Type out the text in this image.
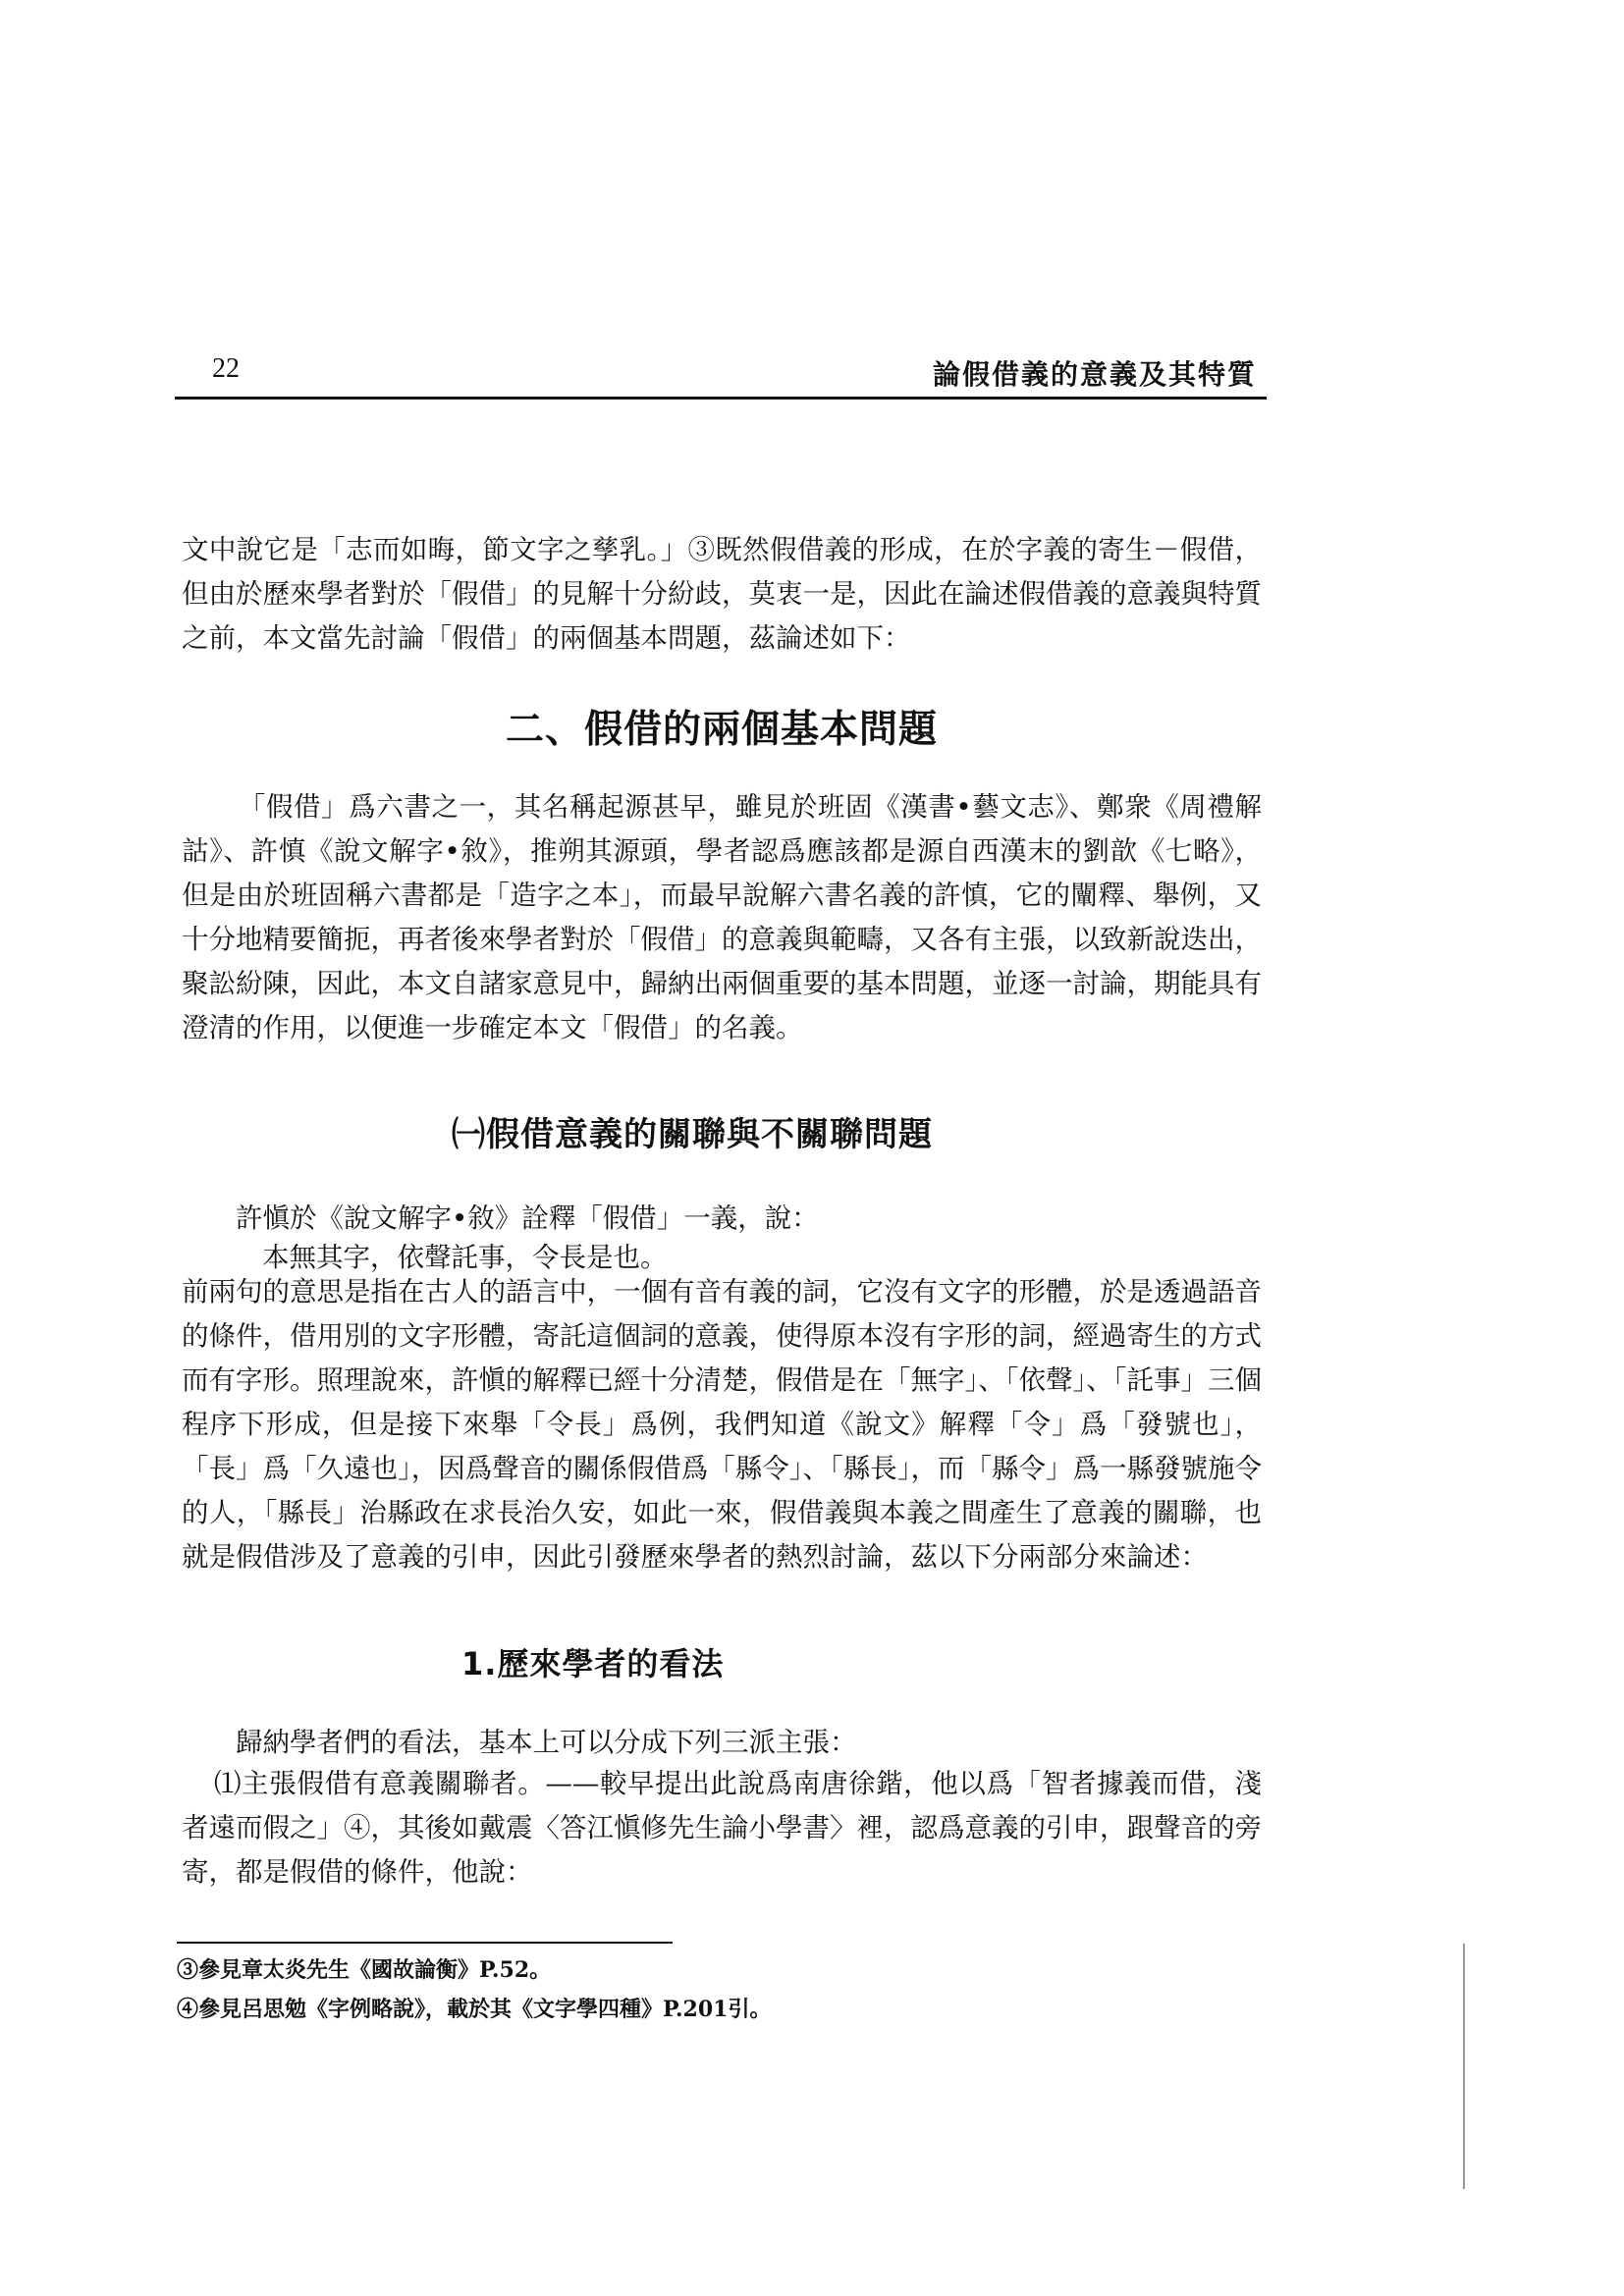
22	論假借義的意義及其特質

文中說它是「志而如晦，節文字之孳乳。」③既然假借義的形成，在於字義的寄生－假借，但由於歷來學者對於「假借」的見解十分紛歧，莫衷一是，因此在論述假借義的意義與特質之前，本文當先討論「假借」的兩個基本問題，茲論述如下：

二、假借的兩個基本問題

「假借」爲六書之一，其名稱起源甚早，雖見於班固《漢書•藝文志》、鄭衆《周禮解詁》、許慎《說文解字•敘》，推朔其源頭，學者認爲應該都是源自西漢末的劉歆《七略》，但是由於班固稱六書都是「造字之本」，而最早說解六書名義的許慎，它的闡釋、舉例，又十分地精要簡扼，再者後來學者對於「假借」的意義與範疇，又各有主張，以致新說迭出，聚訟紛陳，因此，本文自諸家意見中，歸納出兩個重要的基本問題，並逐一討論，期能具有澄清的作用，以便進一步確定本文「假借」的名義。

㈠假借意義的關聯與不關聯問題

許愼於《說文解字•敘》詮釋「假借」一義，說：

本無其字，依聲託事，令長是也。

前兩句的意思是指在古人的語言中，一個有音有義的詞，它沒有文字的形體，於是透過語音的條件，借用別的文字形體，寄託這個詞的意義，使得原本沒有字形的詞，經過寄生的方式而有字形。照理說來，許愼的解釋已經十分清楚，假借是在「無字」、「依聲」、「託事」三個程序下形成，但是接下來舉「令長」爲例，我們知道《說文》解釋「令」爲「發號也」，「長」爲「久遠也」，因爲聲音的關係假借爲「縣令」、「縣長」，而「縣令」爲一縣發號施令的人，「縣長」治縣政在求長治久安，如此一來，假借義與本義之間產生了意義的關聯，也就是假借涉及了意義的引申，因此引發歷來學者的熱烈討論，茲以下分兩部分來論述：

1.歷來學者的看法

歸納學者們的看法，基本上可以分成下列三派主張：

⑴主張假借有意義關聯者。——較早提出此說爲南唐徐鍇，他以爲「智者據義而借，淺者遠而假之」④，其後如戴震〈答江愼修先生論小學書〉裡，認爲意義的引申，跟聲音的旁寄，都是假借的條件，他說：

③參見章太炎先生《國故論衡》P.52。

④參見呂思勉《字例略說》，載於其《文字學四種》P.201引。
